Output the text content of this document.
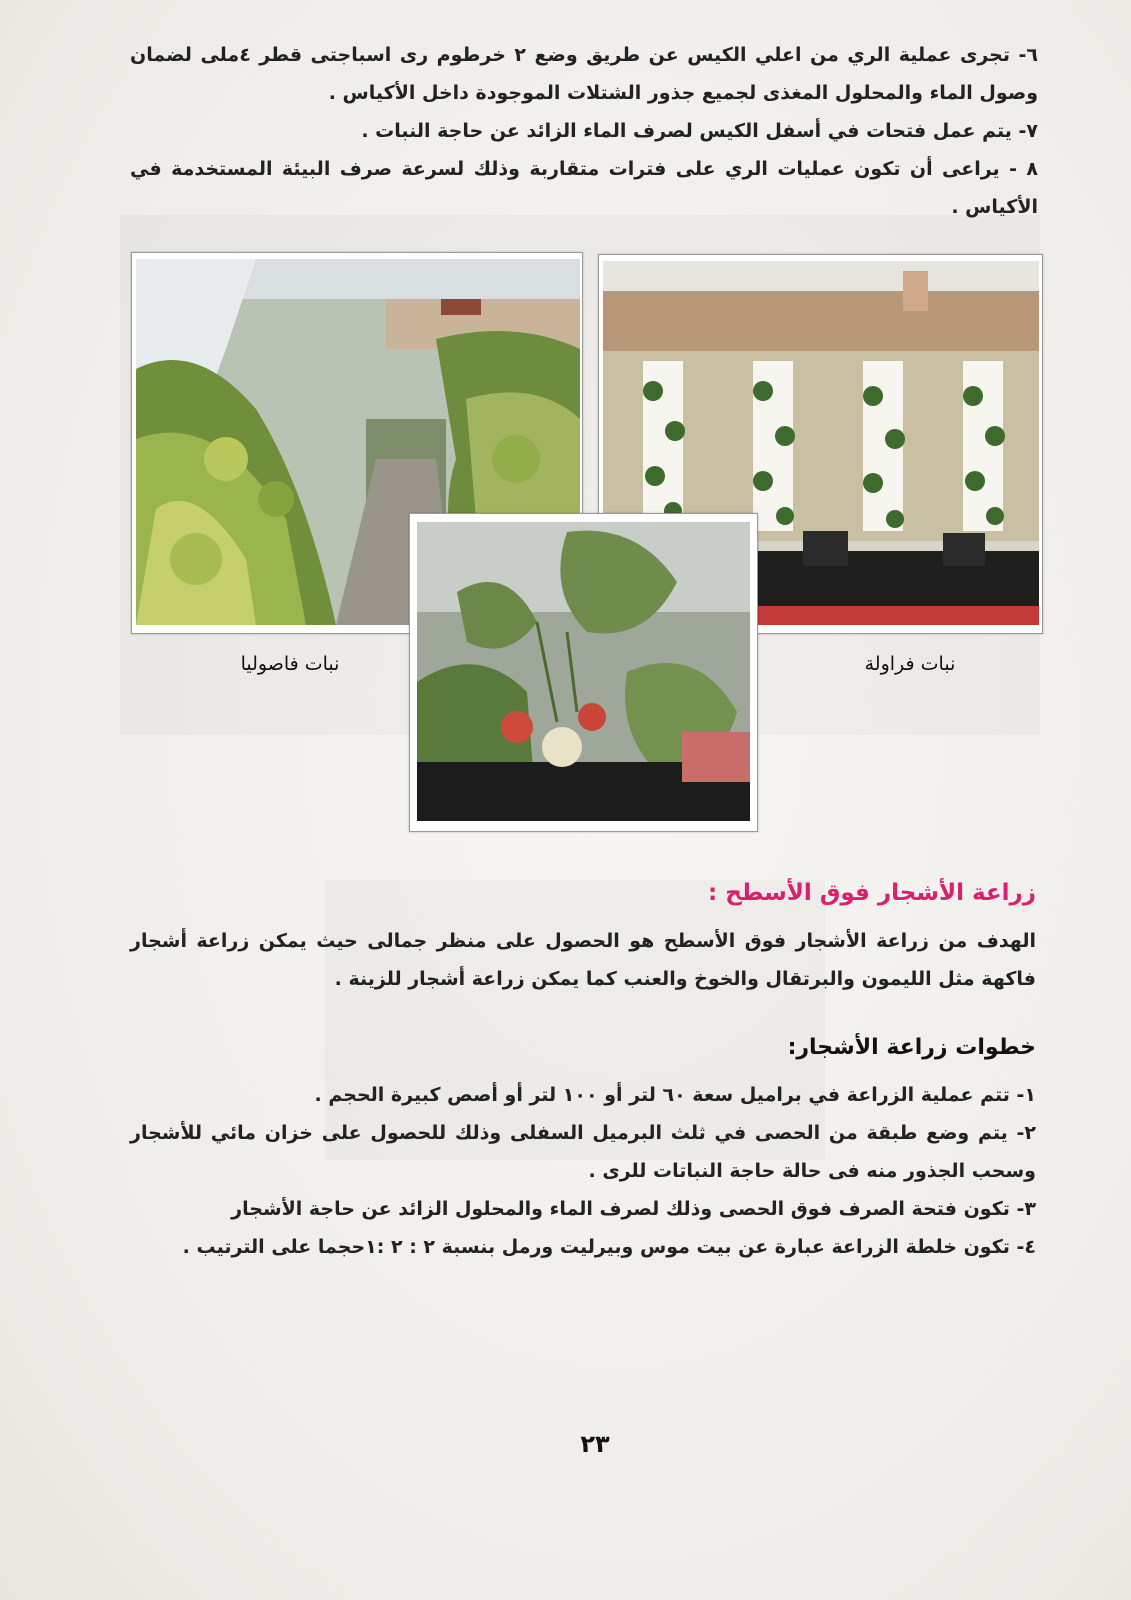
٦- تجرى عملية الري من اعلي الكيس عن طريق وضع ٢ خرطوم رى اسباجتى قطر ٤ملى لضمان وصول الماء والمحلول المغذى لجميع جذور الشتلات الموجودة داخل الأكياس .

٧- يتم عمل فتحات في أسفل الكيس لصرف الماء الزائد عن حاجة النبات .

٨ - يراعى أن تكون عمليات الري على فترات متقاربة وذلك لسرعة صرف البيئة المستخدمة في الأكياس .

نبات فاصوليا	نبات فراولة
زراعة الأشجار فوق الأسطح :
الهدف من زراعة الأشجار فوق الأسطح هو الحصول على منظر جمالى حيث يمكن زراعة أشجار فاكهة مثل الليمون والبرتقال والخوخ والعنب كما يمكن زراعة أشجار للزينة .
خطوات زراعة الأشجار:

١- تتم عملية الزراعة في براميل سعة ٦٠ لتر أو ١٠٠ لتر أو أصص كبيرة الحجم .

٢- يتم وضع طبقة من الحصى في ثلث البرميل السفلى وذلك للحصول على خزان مائي للأشجار وسحب الجذور منه فى حالة حاجة النباتات للرى .

٣- تكون فتحة الصرف فوق الحصى وذلك لصرف الماء والمحلول الزائد عن حاجة الأشجار

٤- تكون خلطة الزراعة عبارة عن بيت موس وبيرليت ورمل بنسبة ٢ : ٢ :١حجما على الترتيب .

٢٣
